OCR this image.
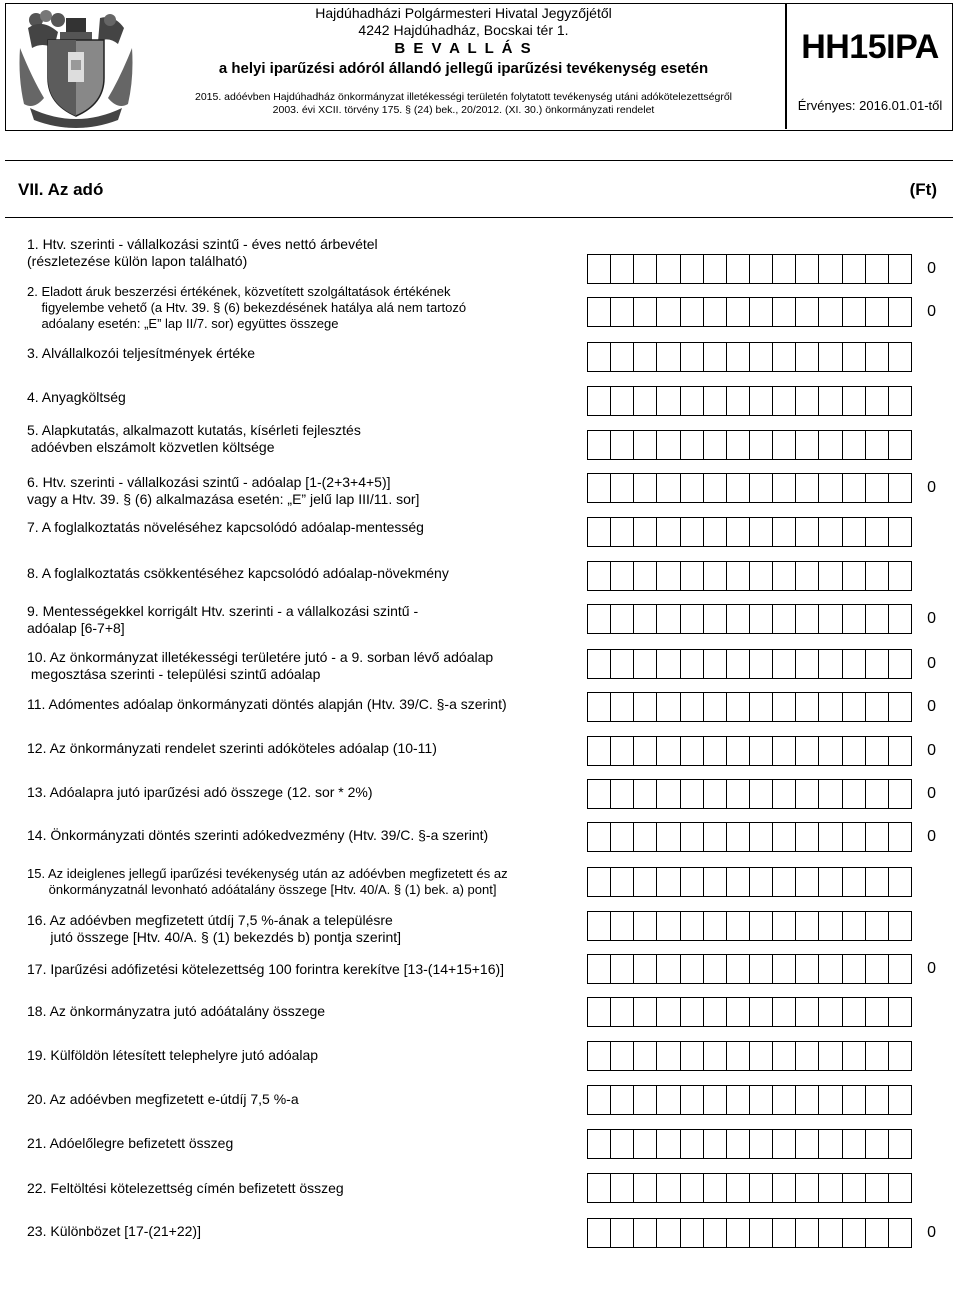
Hajdúhadházi Polgármesteri Hivatal Jegyzőjétől
4242 Hajdúhadház, Bocskai tér 1.
B E V A L L Á S
a helyi iparűzési adóról állandó jellegű iparűzési tevékenység esetén
2015. adóévben Hajdúhadház önkormányzat illetékességi területén folytatott tevékenység utáni adókötelezettségről
2003. évi XCII. törvény 175. § (24) bek., 20/2012. (XI. 30.) önkormányzati rendelet
HH15IPA
Érvényes: 2016.01.01-től
VII. Az adó	(Ft)
1. Htv. szerinti - vállalkozási szintű - éves nettó árbevétel
(részletezése külön lapon található)	0
2. Eladott áruk beszerzési értékének, közvetített szolgáltatások értékének
figyelembe vehető (a Htv. 39. § (6) bekezdésének hatálya alá nem tartozó
adóalany esetén: „E” lap II/7. sor) együttes összege
0
3. Alvállalkozói teljesítmények értéke
4. Anyagköltség
5. Alapkutatás, alkalmazott kutatás, kísérleti fejlesztés
adóévben elszámolt közvetlen költsége
6. Htv. szerinti - vállalkozási szintű - adóalap [1-(2+3+4+5)]
vagy a Htv. 39. § (6) alkalmazása esetén: „E” jelű lap III/11. sor]
0
7. A foglalkoztatás növeléséhez kapcsolódó adóalap-mentesség
8. A foglalkoztatás csökkentéséhez kapcsolódó adóalap-növekmény
9. Mentességekkel korrigált Htv. szerinti - a vállalkozási szintű -
adóalap [6-7+8]
0
10. Az önkormányzat illetékességi területére jutó - a 9. sorban lévő adóalap
megosztása szerinti - települési szintű adóalap
0
11. Adómentes adóalap önkormányzati döntés alapján (Htv. 39/C. §-a szerint)	0
12. Az önkormányzati rendelet szerinti adóköteles adóalap (10-11)	0
13. Adóalapra jutó iparűzési adó összege (12. sor * 2%)	0
14. Önkormányzati döntés szerinti adókedvezmény (Htv. 39/C. §-a szerint)	0
15. Az ideiglenes jellegű iparűzési tevékenység után az adóévben megfizetett és az
önkormányzatnál levonható adóátalány összege [Htv. 40/A. § (1) bek. a) pont]
16. Az adóévben megfizetett útdíj 7,5 %-ának a településre
jutó összege [Htv. 40/A. § (1) bekezdés b) pontja szerint]
17. Iparűzési adófizetési kötelezettség 100 forintra kerekítve [13-(14+15+16)]	0
18. Az önkormányzatra jutó adóátalány összege
19. Külföldön létesített telephelyre jutó adóalap
20. Az adóévben megfizetett e-útdíj 7,5 %-a
21. Adóelőlegre befizetett összeg
22. Feltöltési kötelezettség címén befizetett összeg
23. Különbözet [17-(21+22)]	0
